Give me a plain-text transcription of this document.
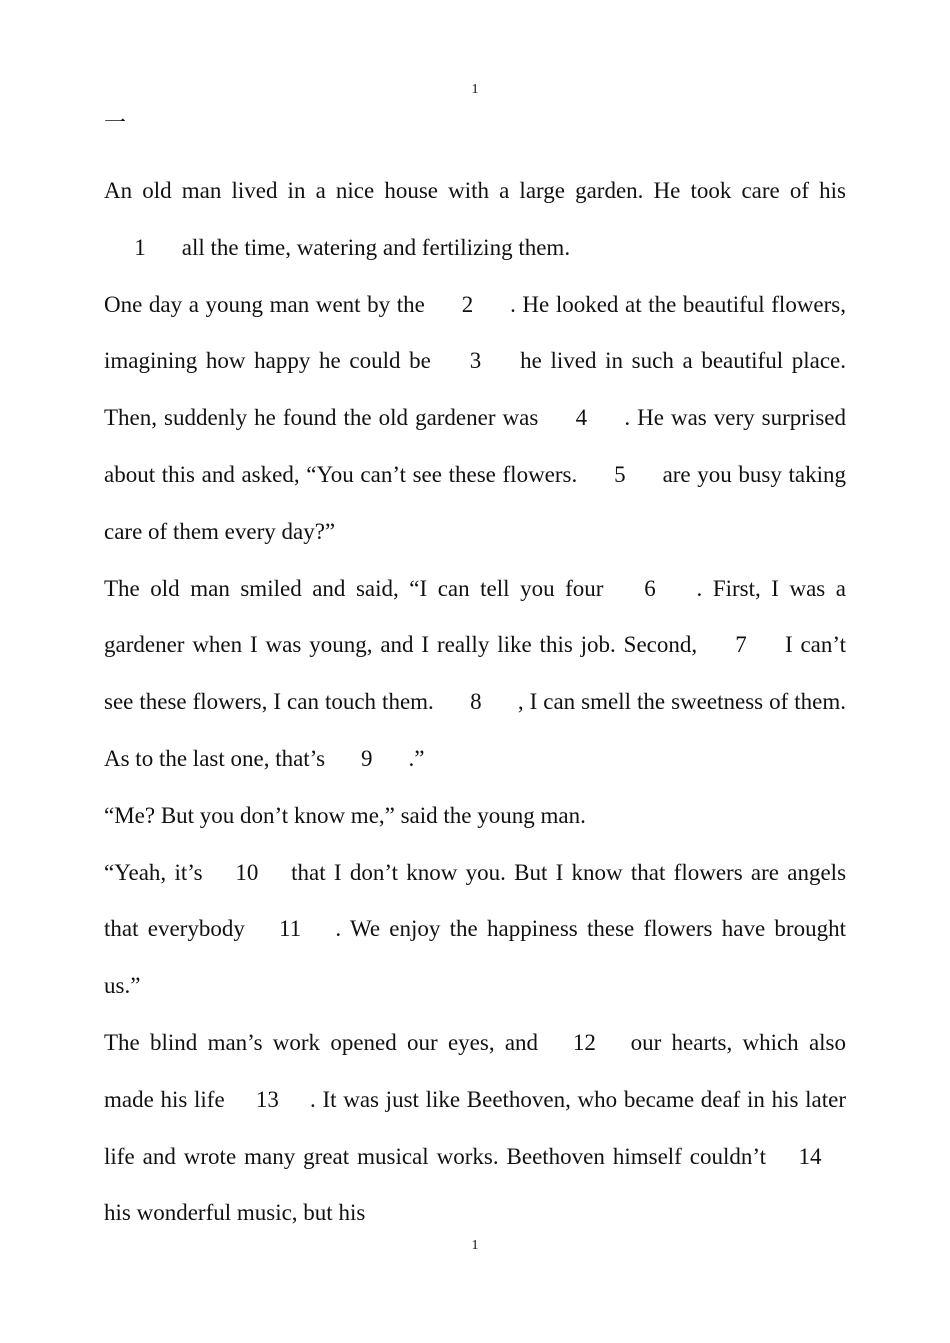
1
一

An old man lived in a nice house with a large garden. He took care of his 1 all the time, watering and fertilizing them.

One day a young man went by the 2 . He looked at the beautiful flowers, imagining how happy he could be 3 he lived in such a beautiful place. Then, suddenly he found the old gardener was 4 . He was very surprised about this and asked, “You can’t see these flowers. 5 are you busy taking care of them every day?”

The old man smiled and said, “I can tell you four 6 . First, I was a gardener when I was young, and I really like this job. Second, 7 I can’t see these flowers, I can touch them. 8 , I can smell the sweetness of them. As to the last one, that’s 9 .”

“Me? But you don’t know me,” said the young man.

“Yeah, it’s 10 that I don’t know you. But I know that flowers are angels that everybody 11 . We enjoy the happiness these flowers have brought us.”

The blind man’s work opened our eyes, and 12 our hearts, which also made his life 13 . It was just like Beethoven, who became deaf in his later life and wrote many great musical works. Beethoven himself couldn’t 14 his wonderful music, but his

1
